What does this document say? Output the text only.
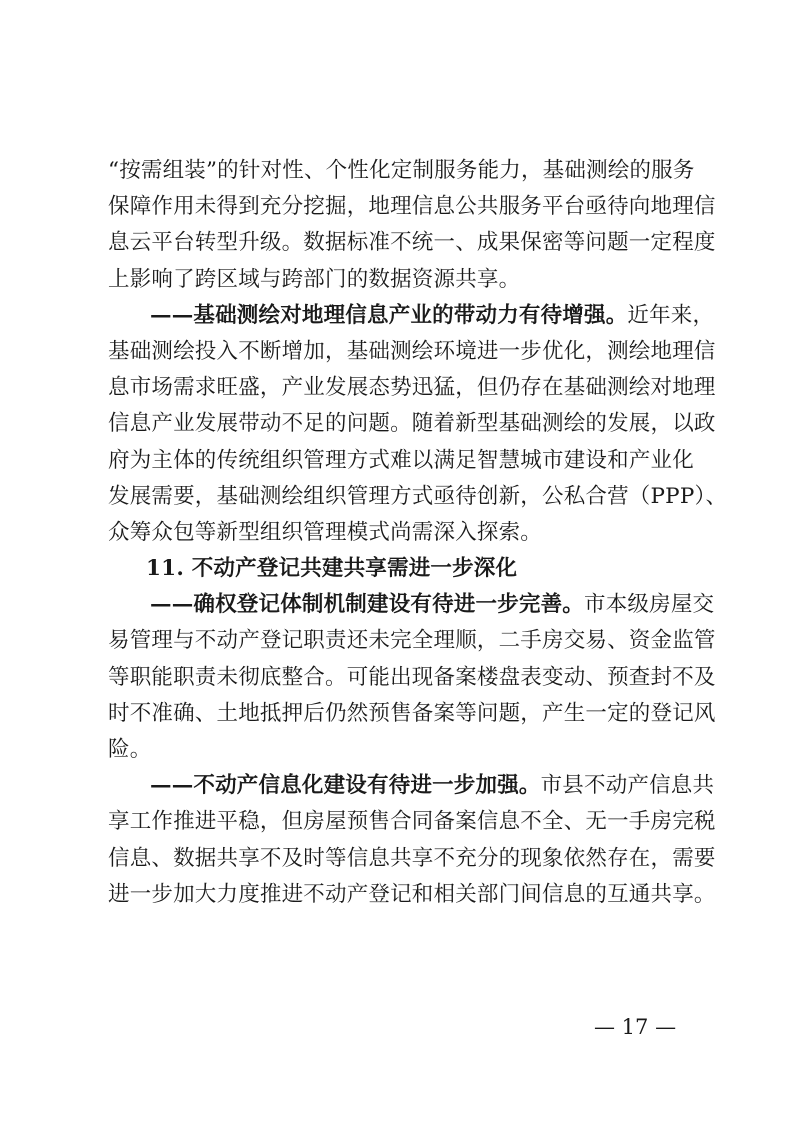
“按需组装”的针对性、个性化定制服务能力，基础测绘的服务
保障作用未得到充分挖掘，地理信息公共服务平台亟待向地理信
息云平台转型升级。数据标准不统一、成果保密等问题一定程度
上影响了跨区域与跨部门的数据资源共享。
——基础测绘对地理信息产业的带动力有待增强。近年来，
基础测绘投入不断增加，基础测绘环境进一步优化，测绘地理信
息市场需求旺盛，产业发展态势迅猛，但仍存在基础测绘对地理
信息产业发展带动不足的问题。随着新型基础测绘的发展，以政
府为主体的传统组织管理方式难以满足智慧城市建设和产业化
发展需要，基础测绘组织管理方式亟待创新，公私合营（PPP）、
众筹众包等新型组织管理模式尚需深入探索。
11. 不动产登记共建共享需进一步深化
——确权登记体制机制建设有待进一步完善。市本级房屋交
易管理与不动产登记职责还未完全理顺，二手房交易、资金监管
等职能职责未彻底整合。可能出现备案楼盘表变动、预查封不及
时不准确、土地抵押后仍然预售备案等问题，产生一定的登记风
险。
——不动产信息化建设有待进一步加强。市县不动产信息共
享工作推进平稳，但房屋预售合同备案信息不全、无一手房完税
信息、数据共享不及时等信息共享不充分的现象依然存在，需要
进一步加大力度推进不动产登记和相关部门间信息的互通共享。
— 17 —
